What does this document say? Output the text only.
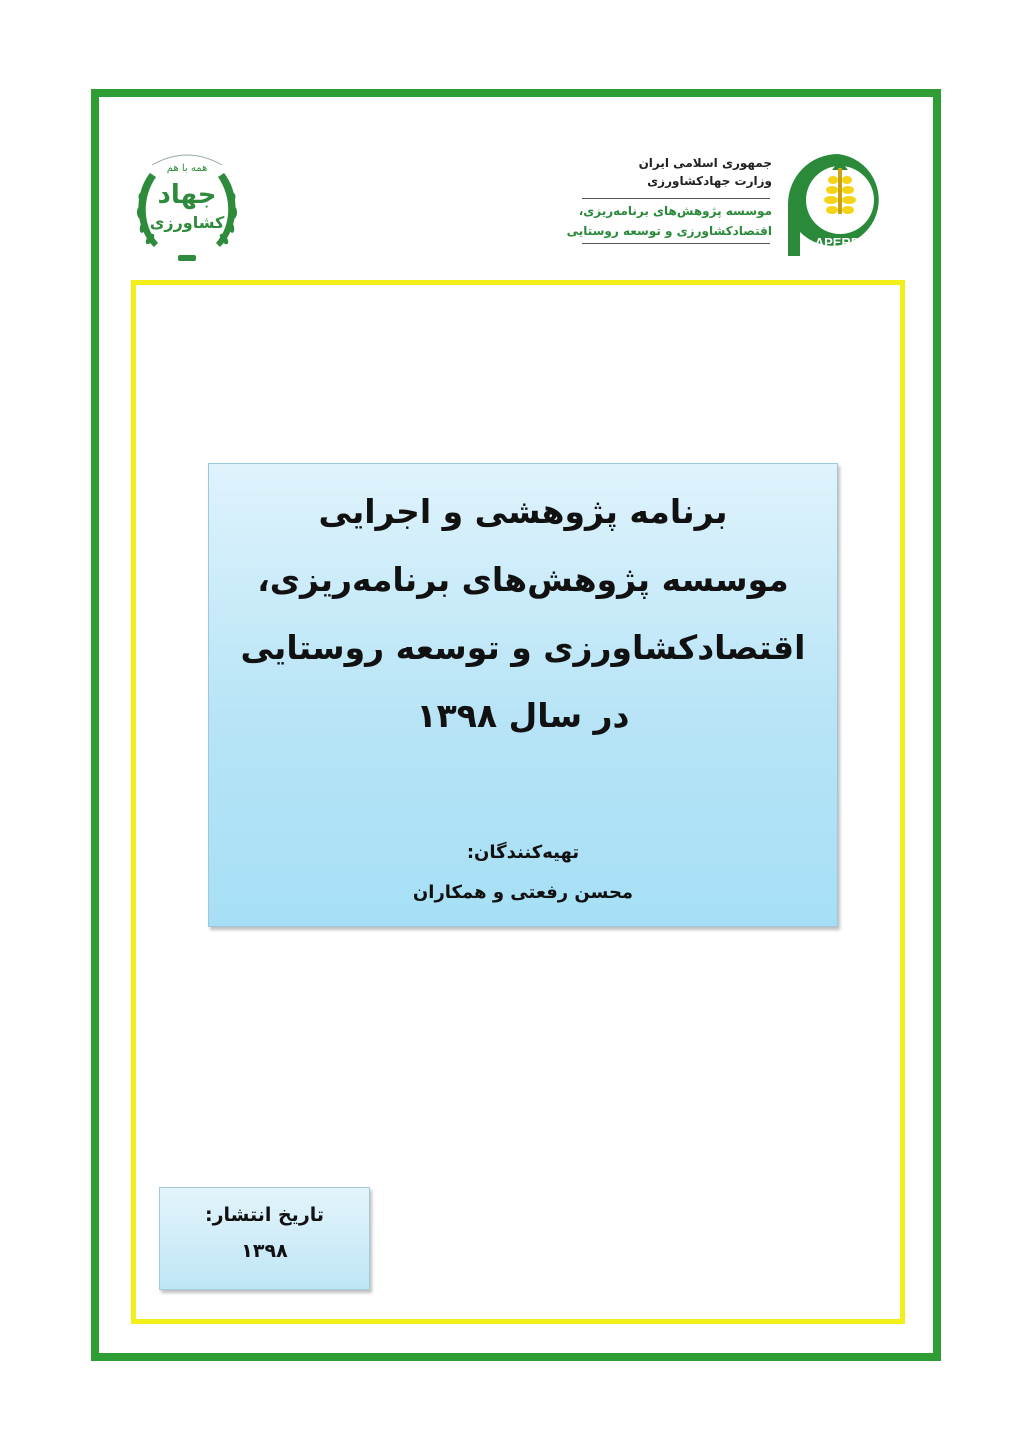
همه با هم
جهاد
کشاورزی
جمهوری اسلامی ایران
وزارت جهادکشاورزی
موسسه پژوهش‌های برنامه‌ریزی،
اقتصادکشاورزی و توسعه روستایی
APERDRI
برنامه پژوهشی و اجرایی
موسسه پژوهش‌های برنامه‌ریزی،
اقتصادکشاورزی و توسعه روستایی
در سال ۱۳۹۸
تهیه‌کنندگان:
محسن رفعتی و همکاران
تاریخ انتشار:
۱۳۹۸
